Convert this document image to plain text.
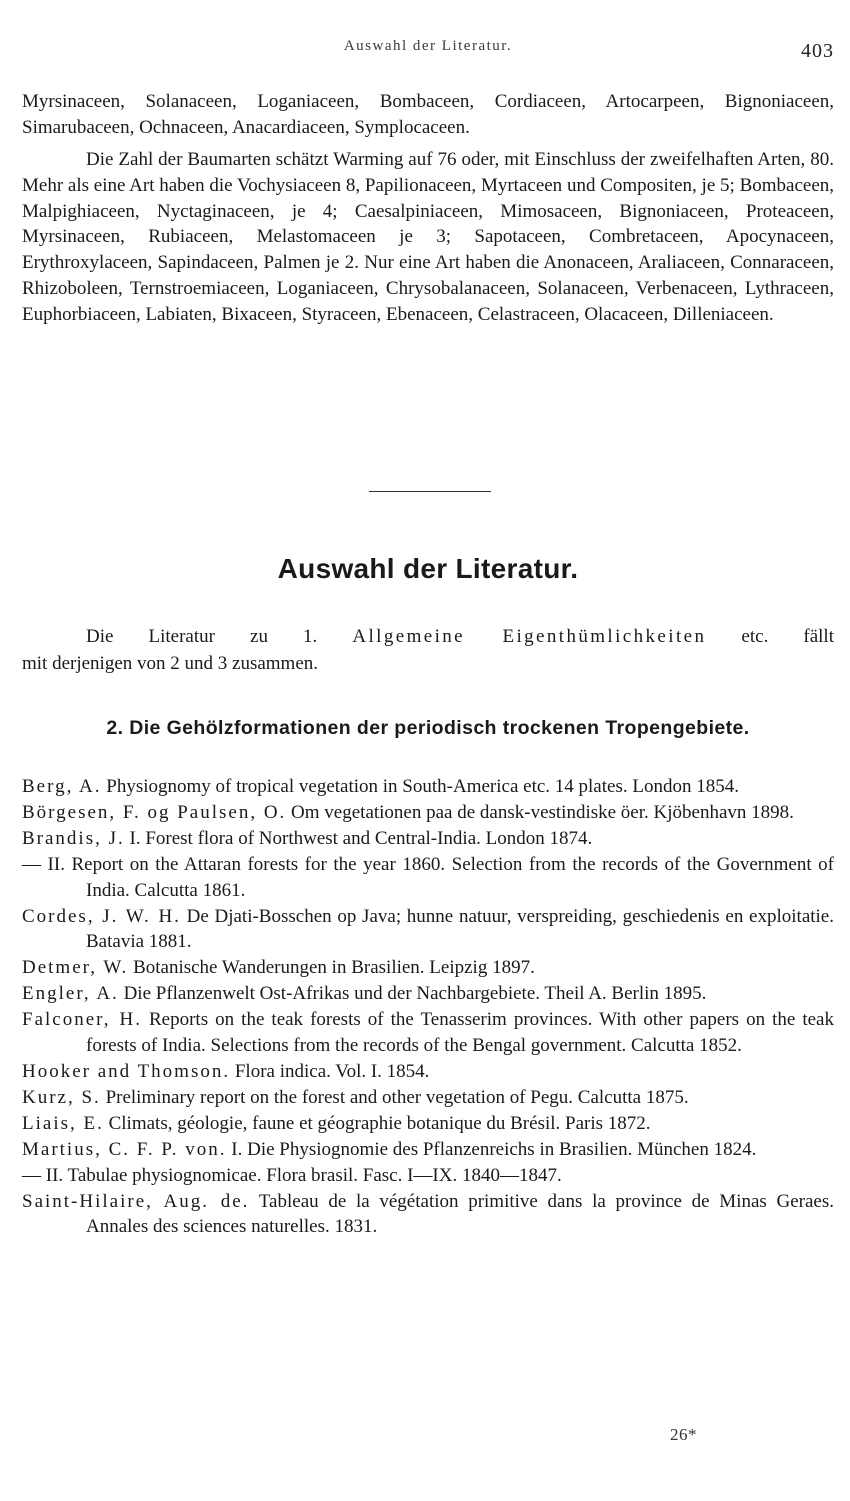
Auswahl der Literatur.	403

Myrsinaceen, Solanaceen, Loganiaceen, Bombaceen, Cordiaceen, Artocarpeen, Bignoniaceen, Simarubaceen, Ochnaceen, Anacardiaceen, Symplocaceen.

Die Zahl der Baumarten schätzt Warming auf 76 oder, mit Einschluss der zweifelhaften Arten, 80. Mehr als eine Art haben die Vochysiaceen 8, Papilionaceen, Myrtaceen und Compositen, je 5; Bombaceen, Malpighiaceen, Nyctaginaceen, je 4; Caesalpiniaceen, Mimosaceen, Bignoniaceen, Proteaceen, Myrsinaceen, Rubiaceen, Melastomaceen je 3; Sapotaceen, Combretaceen, Apocynaceen, Erythroxylaceen, Sapindaceen, Palmen je 2. Nur eine Art haben die Anonaceen, Araliaceen, Connaraceen, Rhizoboleen, Ternstroemiaceen, Loganiaceen, Chrysobalanaceen, Solanaceen, Verbenaceen, Lythraceen, Euphorbiaceen, Labiaten, Bixaceen, Styraceen, Ebenaceen, Celastraceen, Olacaceen, Dilleniaceen.

Auswahl der Literatur.

Die Literatur zu 1. Allgemeine Eigenthümlichkeiten etc. fällt
mit derjenigen von 2 und 3 zusammen.

2. Die Gehölzformationen der periodisch trockenen Tropengebiete.
Berg, A. Physiognomy of tropical vegetation in South-America etc. 14 plates. London 1854.
Börgesen, F. og Paulsen, O. Om vegetationen paa de dansk-vestindiske öer. Kjöbenhavn 1898.
Brandis, J. I. Forest flora of Northwest and Central-India. London 1874.
— II. Report on the Attaran forests for the year 1860. Selection from the records of the Government of India. Calcutta 1861.
Cordes, J. W. H. De Djati-Bosschen op Java; hunne natuur, verspreiding, geschiedenis en exploitatie. Batavia 1881.
Detmer, W. Botanische Wanderungen in Brasilien. Leipzig 1897.
Engler, A. Die Pflanzenwelt Ost-Afrikas und der Nachbargebiete. Theil A. Berlin 1895.
Falconer, H. Reports on the teak forests of the Tenasserim provinces. With other papers on the teak forests of India. Selections from the records of the Bengal government. Calcutta 1852.
Hooker and Thomson. Flora indica. Vol. I. 1854.
Kurz, S. Preliminary report on the forest and other vegetation of Pegu. Calcutta 1875.
Liais, E. Climats, géologie, faune et géographie botanique du Brésil. Paris 1872.
Martius, C. F. P. von. I. Die Physiognomie des Pflanzenreichs in Brasilien. München 1824.
— II. Tabulae physiognomicae. Flora brasil. Fasc. I—IX. 1840—1847.
Saint-Hilaire, Aug. de. Tableau de la végétation primitive dans la province de Minas Geraes. Annales des sciences naturelles. 1831.
26*
